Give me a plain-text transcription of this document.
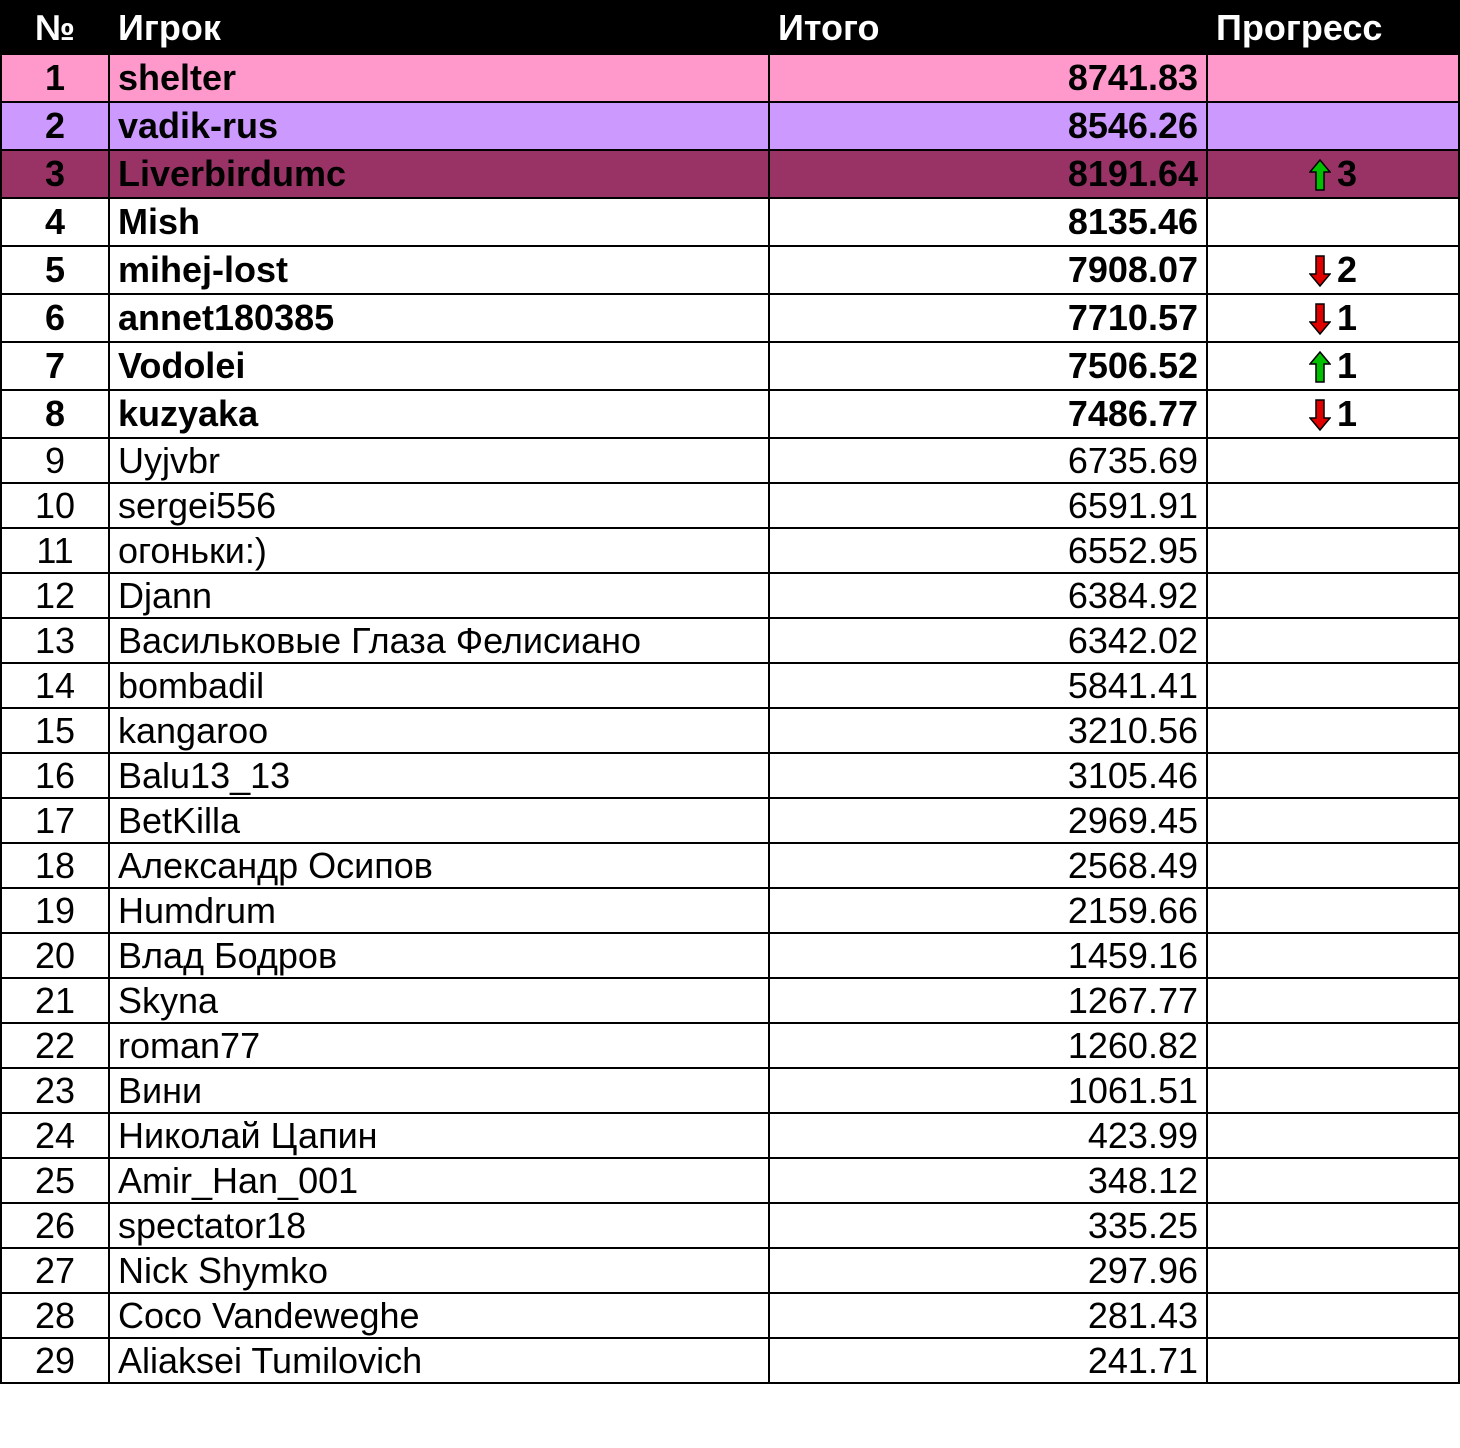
№	Игрок	Итого	Прогресс
1	shelter	8741.83	
2	vadik-rus	8546.26	
3	Liverbirdumc	8191.64	3
4	Mish	8135.46	
5	mihej-lost	7908.07	2
6	annet180385	7710.57	1
7	Vodolei	7506.52	1
8	kuzyaka	7486.77	1
9	Uyjvbr	6735.69	
10	sergei556	6591.91	
11	огоньки:)	6552.95	
12	Djann	6384.92	
13	Васильковые Глаза Фелисиано	6342.02	
14	bombadil	5841.41	
15	kangaroo	3210.56	
16	Balu13_13	3105.46	
17	BetKilla	2969.45	
18	Александр Осипов	2568.49	
19	Humdrum	2159.66	
20	Влад Бодров	1459.16	
21	Skyna	1267.77	
22	roman77	1260.82	
23	Вини	1061.51	
24	Николай Цапин	423.99	
25	Amir_Han_001	348.12	
26	spectator18	335.25	
27	Nick Shymko	297.96	
28	Coco Vandeweghe	281.43	
29	Aliaksei Tumilovich	241.71	
